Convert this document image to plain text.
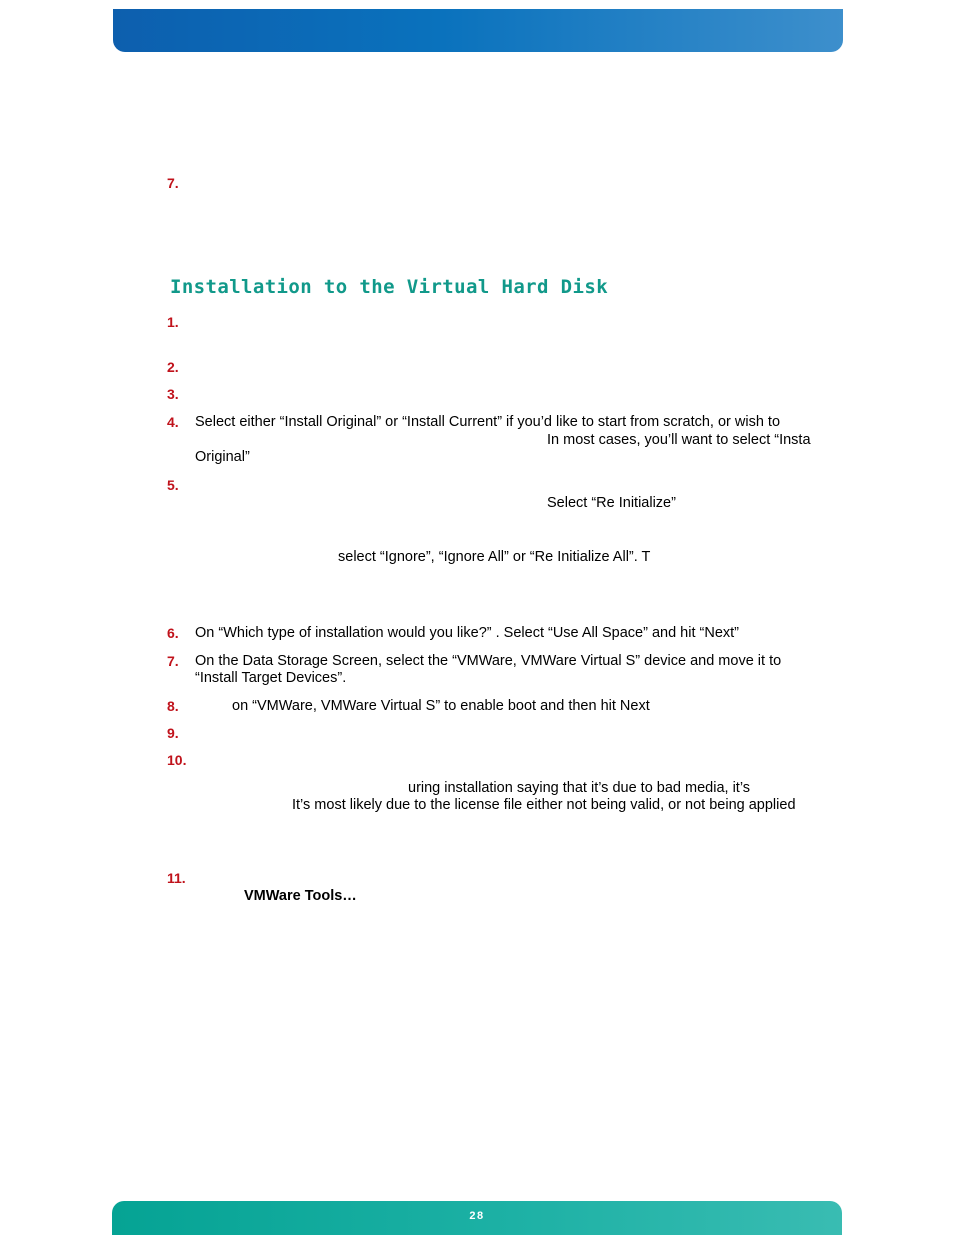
7.
Installation to the Virtual Hard Disk
1.
2.
3.
4. Select either “Install Original” or “Install Current” if you’d like to start from scratch, or wish to
In most cases, you’ll want to select “Insta
Original”
5.
Select “Re Initialize”
select “Ignore”, “Ignore All” or “Re Initialize All”. T
6. On “Which type of installation would you like?” . Select “Use All Space” and hit “Next”
7. On the Data Storage Screen, select the “VMWare, VMWare Virtual S” device and move it to
“Install Target Devices”.
8.	on “VMWare, VMWare Virtual S” to enable boot and then hit Next
9.
10.
uring installation saying that it’s due to bad media, it’s
It’s most likely due to the license file either not being valid, or not being applied
11.
VMWare Tools…
28
